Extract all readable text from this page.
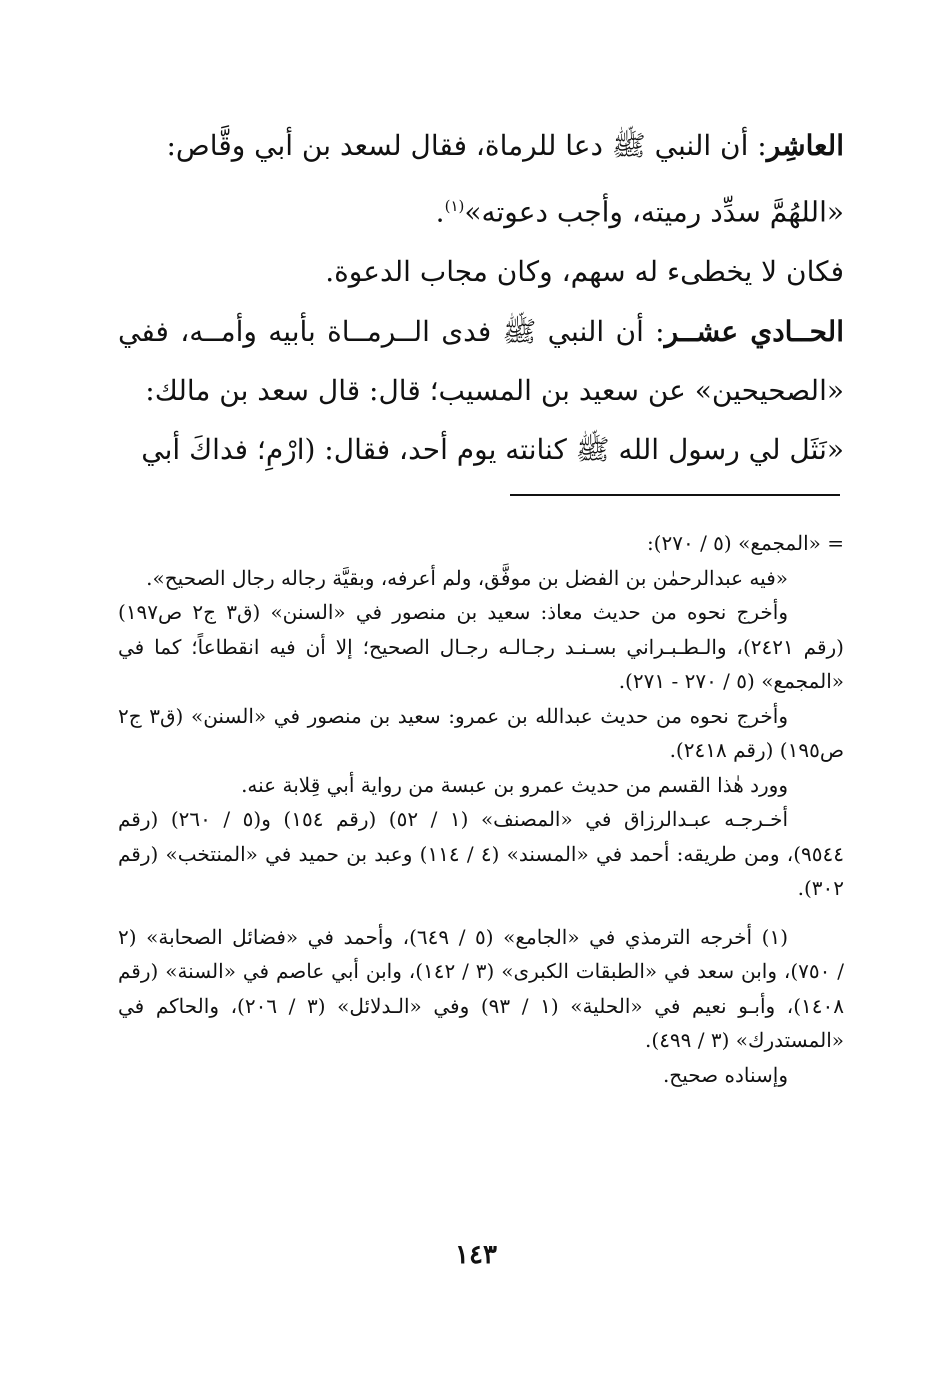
العاشِر: أن النبي ﷺ دعا للرماة، فقال لسعد بن أبي وقَّاص:
«اللهُمَّ سدِّد رميته، وأجب دعوته»$^{(١)}$.
فكان لا يخطىء له سهم، وكان مجاب الدعوة.
الحــادي عشــر: أن النبي ﷺ فدى الــرمــاة بأبيه وأمــه، ففي
«الصحيحين» عن سعيد بن المسيب؛ قال: قال سعد بن مالك:
«نَثَل لي رسول الله ﷺ كنانته يوم أحد، فقال: (ارْمِ؛ فداكَ أبي
= «المجمع» (٥ / ٢٧٠):
«فيه عبدالرحمٰن بن الفضل بن موفَّق، ولم أعرفه، وبقيَّة رجاله رجال الصحيح».
وأخرج نحوه من حديث معاذ: سعيد بن منصور في «السنن» (ق٣ ج٢ ص١٩٧)
(رقم ٢٤٢١)، والـطـبـراني بسـنـد رجـالـه رجـال الصحيح؛ إلا أن فيه انقطاعاً؛ كما في
«المجمع» (٥ / ٢٧٠ - ٢٧١).
وأخرج نحوه من حديث عبدالله بن عمرو: سعيد بن منصور في «السنن» (ق٣ ج٢
ص١٩٥) (رقم ٢٤١٨).
وورد هٰذا القسم من حديث عمرو بن عبسة من رواية أبي قِلابة عنه.
أخـرجـه عبـدالرزاق في «المصنف» (١ / ٥٢) (رقم ١٥٤) و(٥ / ٢٦٠) (رقم
٩٥٤٤)، ومن طريقه: أحمد في «المسند» (٤ / ١١٤) وعبد بن حميد في «المنتخب» (رقم
٣٠٢).
(١) أخرجه الترمذي في «الجامع» (٥ / ٦٤٩)، وأحمد في «فضائل الصحابة» (٢
/ ٧٥٠)، وابن سعد في «الطبقات الكبرى» (٣ / ١٤٢)، وابن أبي عاصم في «السنة» (رقم
١٤٠٨)، وأبـو نعيم في «الحلية» (١ / ٩٣) وفي «الـدلائل» (٣ / ٢٠٦)، والحاكم في
«المستدرك» (٣ / ٤٩٩).
وإسناده صحيح.
١٤٣
